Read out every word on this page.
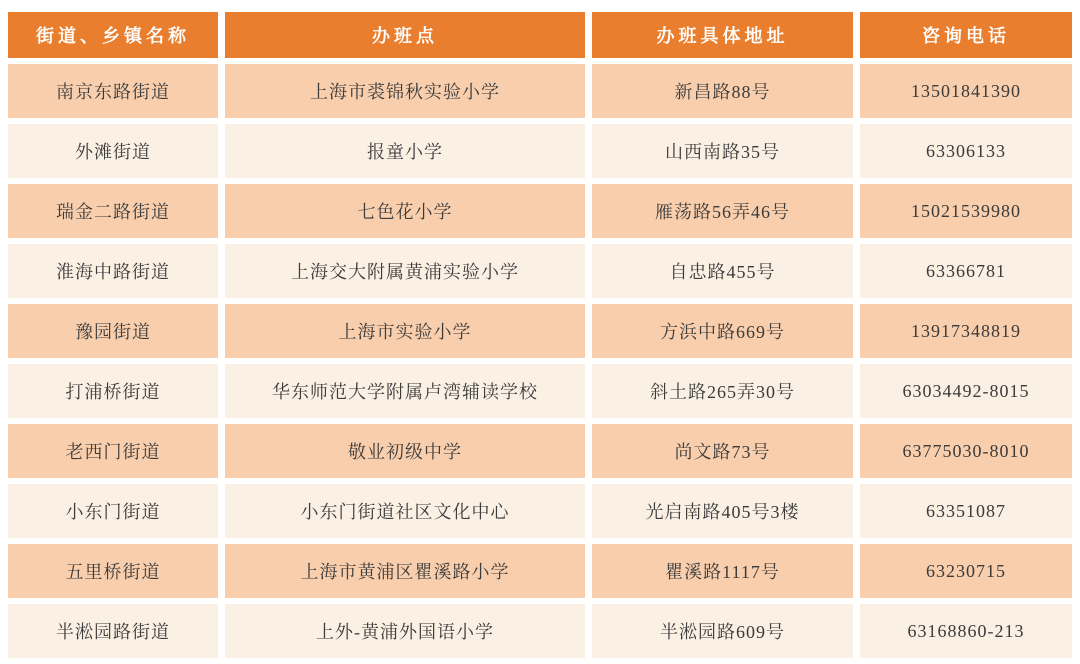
街道、乡镇名称	办班点	办班具体地址	咨询电话
南京东路街道	上海市裘锦秋实验小学	新昌路88号	13501841390
外滩街道	报童小学	山西南路35号	63306133
瑞金二路街道	七色花小学	雁荡路56弄46号	15021539980
淮海中路街道	上海交大附属黄浦实验小学	自忠路455号	63366781
豫园街道	上海市实验小学	方浜中路669号	13917348819
打浦桥街道	华东师范大学附属卢湾辅读学校	斜土路265弄30号	63034492-8015
老西门街道	敬业初级中学	尚文路73号	63775030-8010
小东门街道	小东门街道社区文化中心	光启南路405号3楼	63351087
五里桥街道	上海市黄浦区瞿溪路小学	瞿溪路1117号	63230715
半淞园路街道	上外-黄浦外国语小学	半淞园路609号	63168860-213
